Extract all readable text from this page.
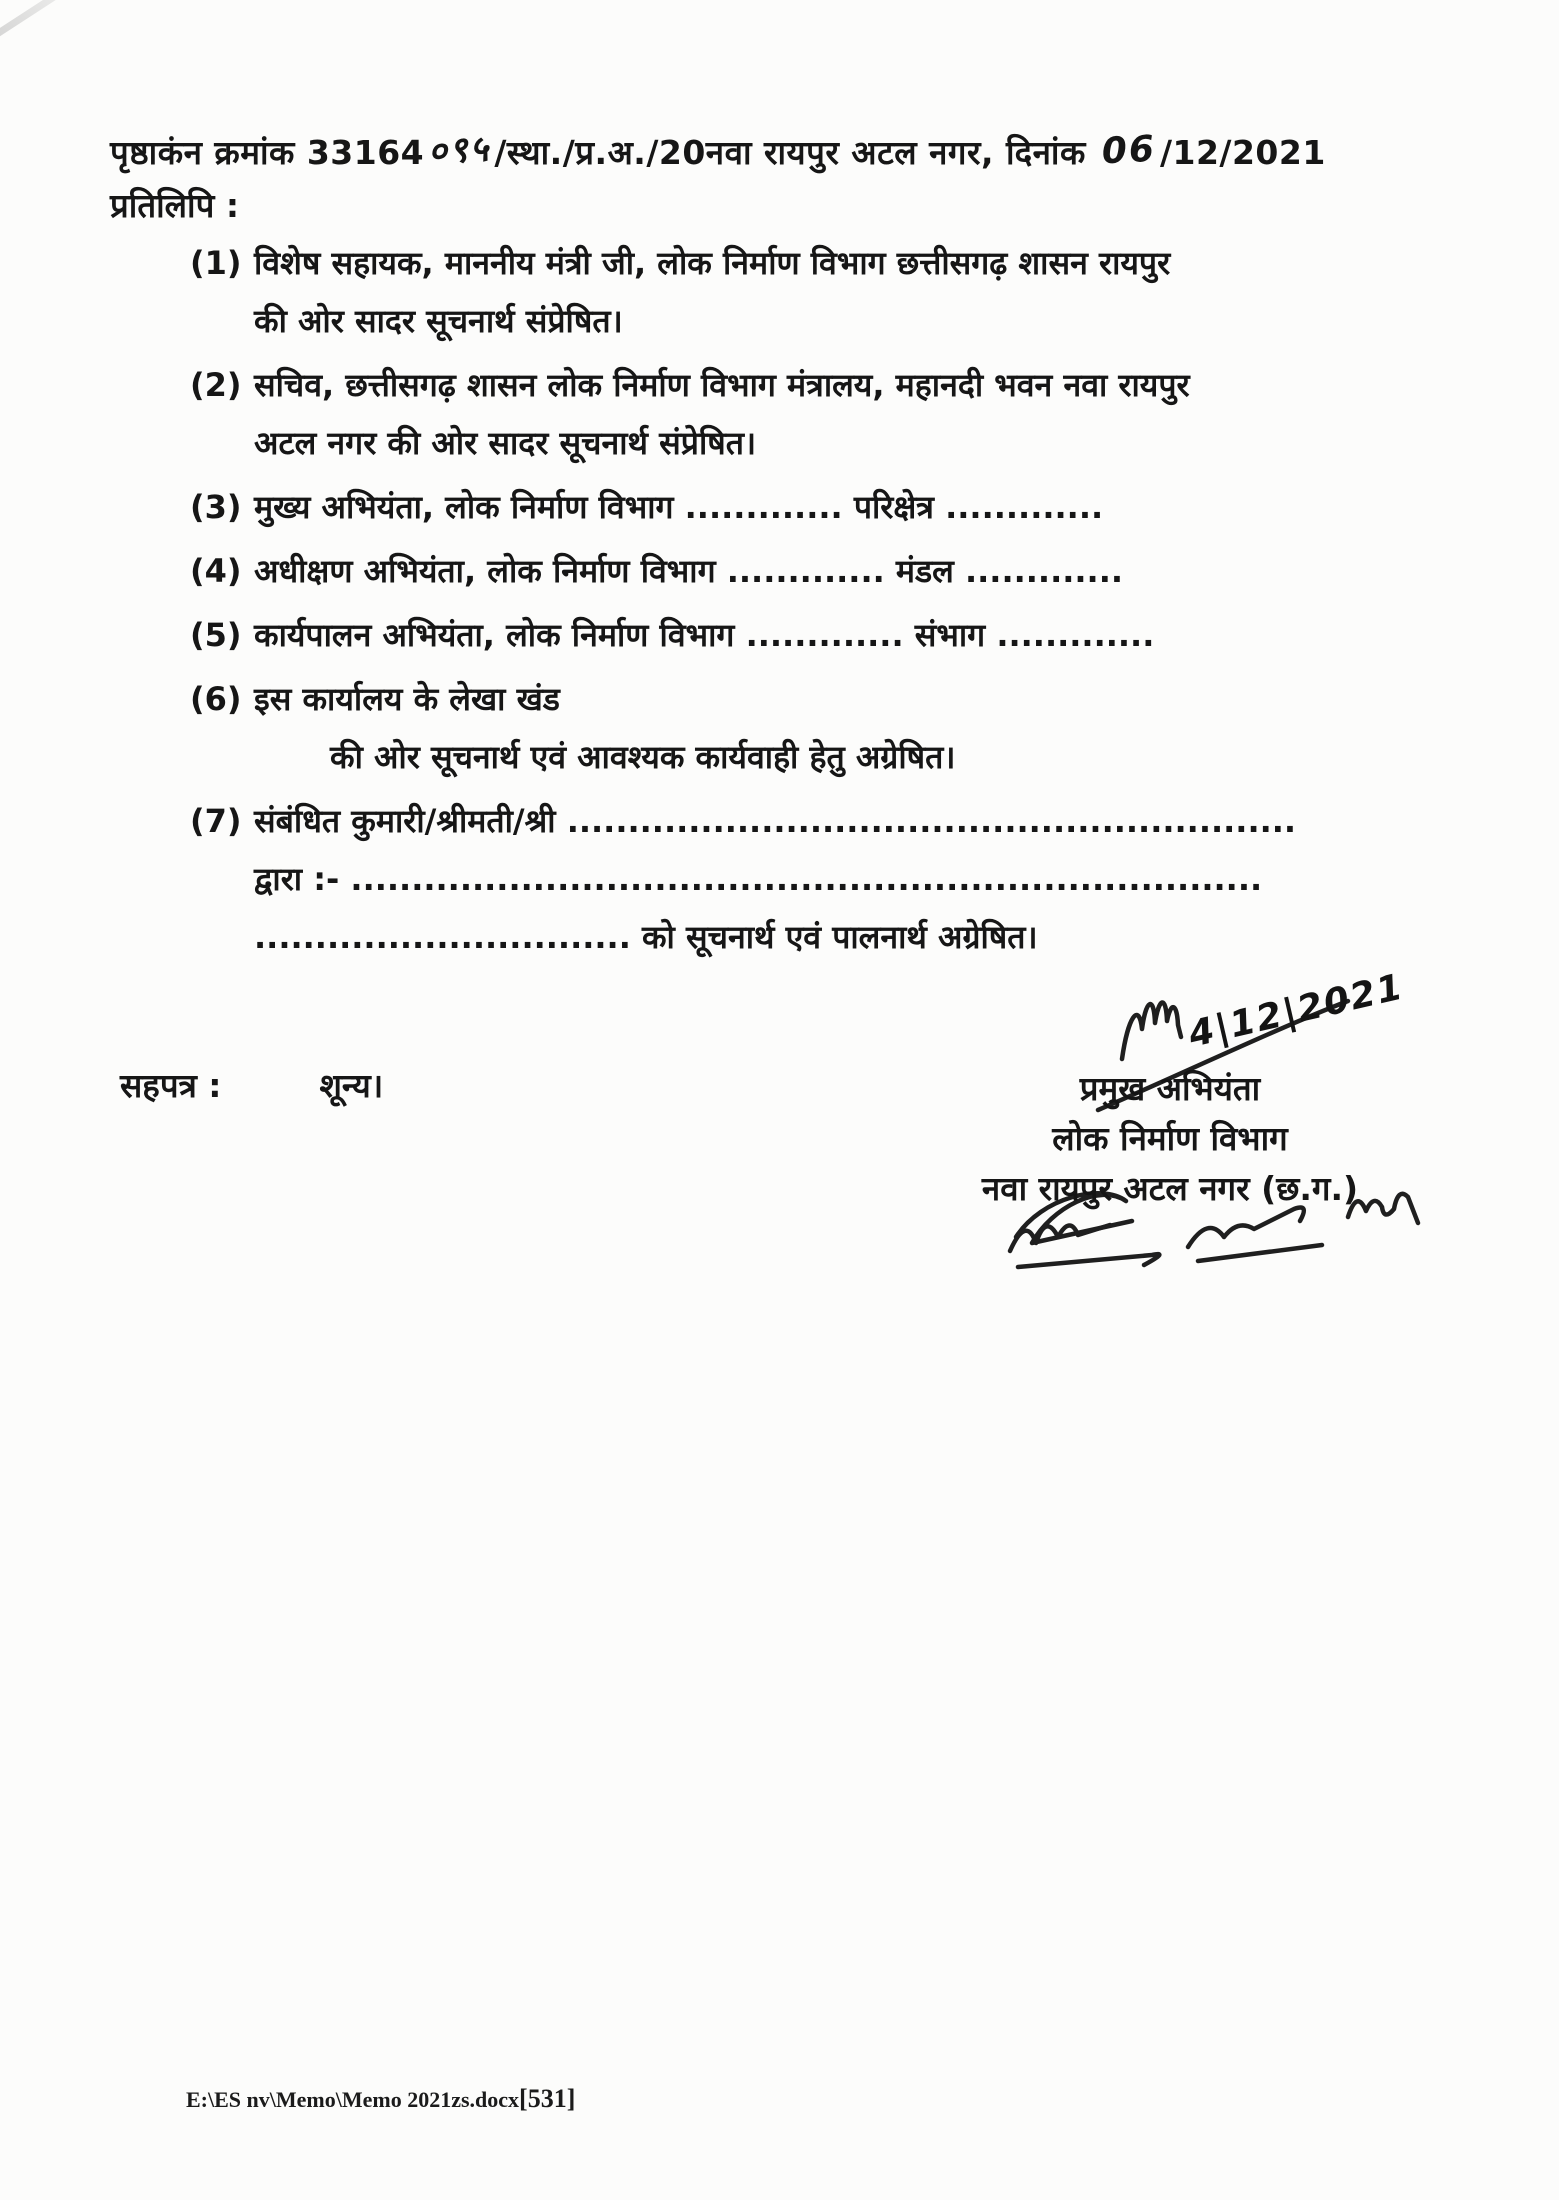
पृष्ठाकंन क्रमांक 33164०९५/स्था./प्र.अ./20नवा रायपुर अटल नगर, दिनांक 06/12/2021
प्रतिलिपि :
(1) विशेष सहायक, माननीय मंत्री जी, लोक निर्माण विभाग छत्तीसगढ़ शासन रायपुर
की ओर सादर सूचनार्थ संप्रेषित।
(2) सचिव, छत्तीसगढ़ शासन लोक निर्माण विभाग मंत्रालय, महानदी भवन नवा रायपुर
अटल नगर की ओर सादर सूचनार्थ संप्रेषित।
(3) मुख्य अभियंता, लोक निर्माण विभाग ............. परिक्षेत्र .............
(4) अधीक्षण अभियंता, लोक निर्माण विभाग ............. मंडल .............
(5) कार्यपालन अभियंता, लोक निर्माण विभाग ............. संभाग .............
(6) इस कार्यालय के लेखा खंड
की ओर सूचनार्थ एवं आवश्यक कार्यवाही हेतु अग्रेषित।
(7) संबंधित कुमारी/श्रीमती/श्री ............................................................
द्वारा :- ...........................................................................
............................... को सूचनार्थ एवं पालनार्थ अग्रेषित।
सहपत्र :	शून्य।	प्रमुख अभियंता
लोक निर्माण विभाग
नवा रायपुर अटल नगर (छ.ग.)
4|12|2021
E:\ES nv\Memo\Memo 2021zs.docx[531]
